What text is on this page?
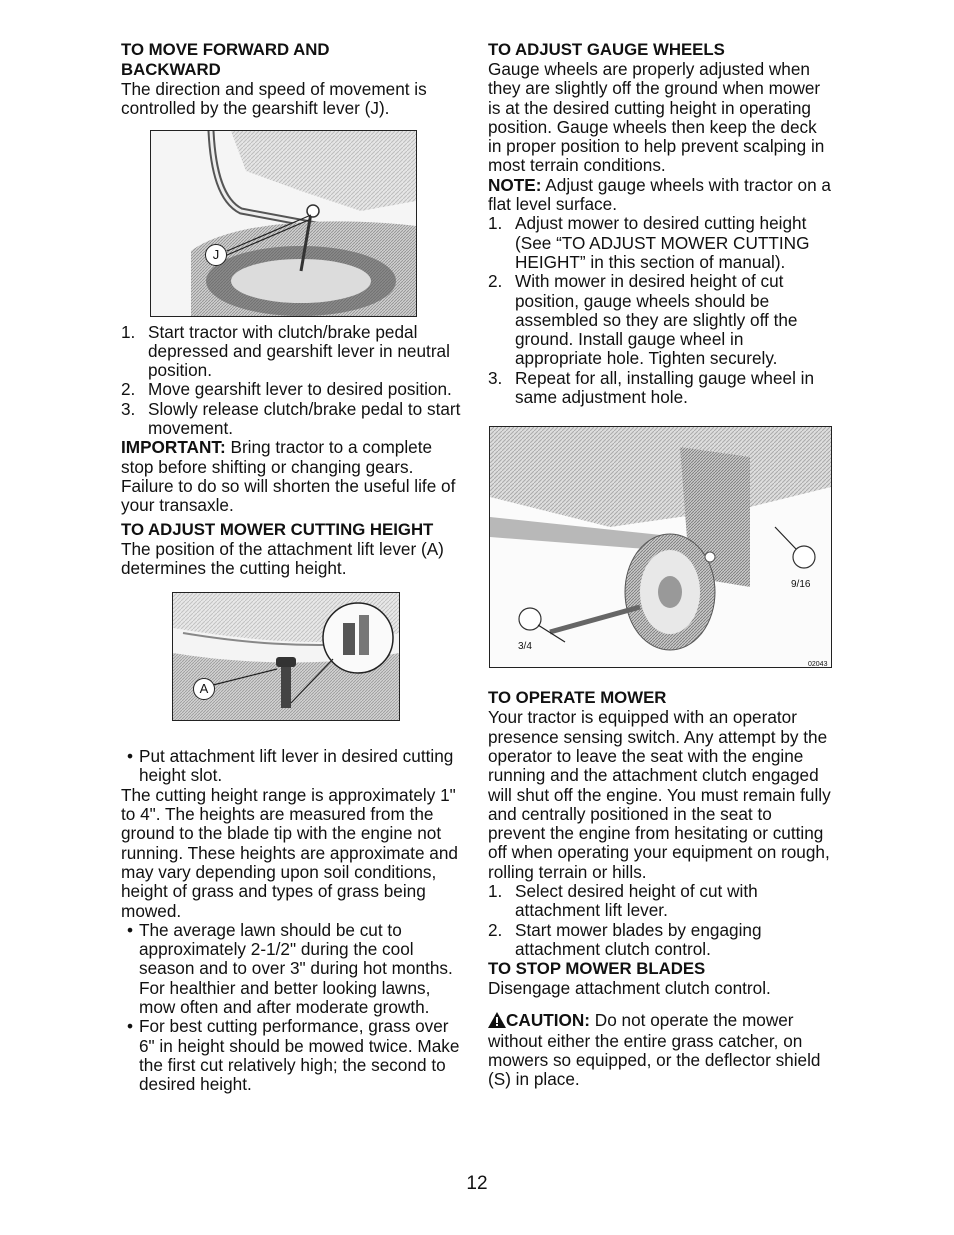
TO MOVE FORWARD AND
BACKWARD

The direction and speed of movement is controlled by the gearshift lever (J).

J
1. Start tractor with clutch/brake pedal depressed and gearshift lever in neutral position.
2. Move gearshift lever to desired position.
3. Slowly release clutch/brake pedal to start movement.

IMPORTANT: Bring tractor to a complete stop before shifting or changing gears. Failure to do so will shorten the useful life of your transaxle.

TO ADJUST MOWER CUTTING HEIGHT

The position of the attachment lift lever (A) determines the cutting height.

A
• Put attachment lift lever in desired cutting height slot.

The cutting height range is approximately 1" to 4". The heights are measured from the ground to the blade tip with the engine not running. These heights are approximate and may vary depending upon soil conditions, height of grass and types of grass being mowed.

• The average lawn should be cut to approximately 2-1/2" during the cool season and to over 3" during hot months. For healthier and better looking lawns, mow often and after moderate growth.
• For best cutting performance, grass over 6" in height should be mowed twice. Make the first cut relatively high; the second to desired height.
TO ADJUST GAUGE WHEELS

Gauge wheels are properly adjusted when they are slightly off the ground when mower is at the desired cutting height in operating position. Gauge wheels then keep the deck in proper position to help prevent scalping in most terrain conditions.

NOTE: Adjust gauge wheels with tractor on a flat level surface.

1. Adjust mower to desired cutting height (See “TO ADJUST MOWER CUTTING HEIGHT” in this section of manual).
2. With mower in desired height of cut position, gauge wheels should be assembled so they are slightly off the ground. Install gauge wheel in appropriate hole. Tighten securely.
3. Repeat for all, installing gauge wheel in same adjustment hole.
9/16
3/4
02043
TO OPERATE MOWER

Your tractor is equipped with an operator presence sensing switch. Any attempt by the operator to leave the seat with the engine running and the attachment clutch engaged will shut off the engine. You must remain fully and centrally positioned in the seat to prevent the engine from hesitating or cutting off when operating your equipment on rough, rolling terrain or hills.

1. Select desired height of cut with attachment lift lever.
2. Start mower blades by engaging attachment clutch control.
TO STOP MOWER BLADES

Disengage attachment clutch control.

CAUTION: Do not operate the mower without either the entire grass catcher, on mowers so equipped, or the deflector shield (S) in place.

12
